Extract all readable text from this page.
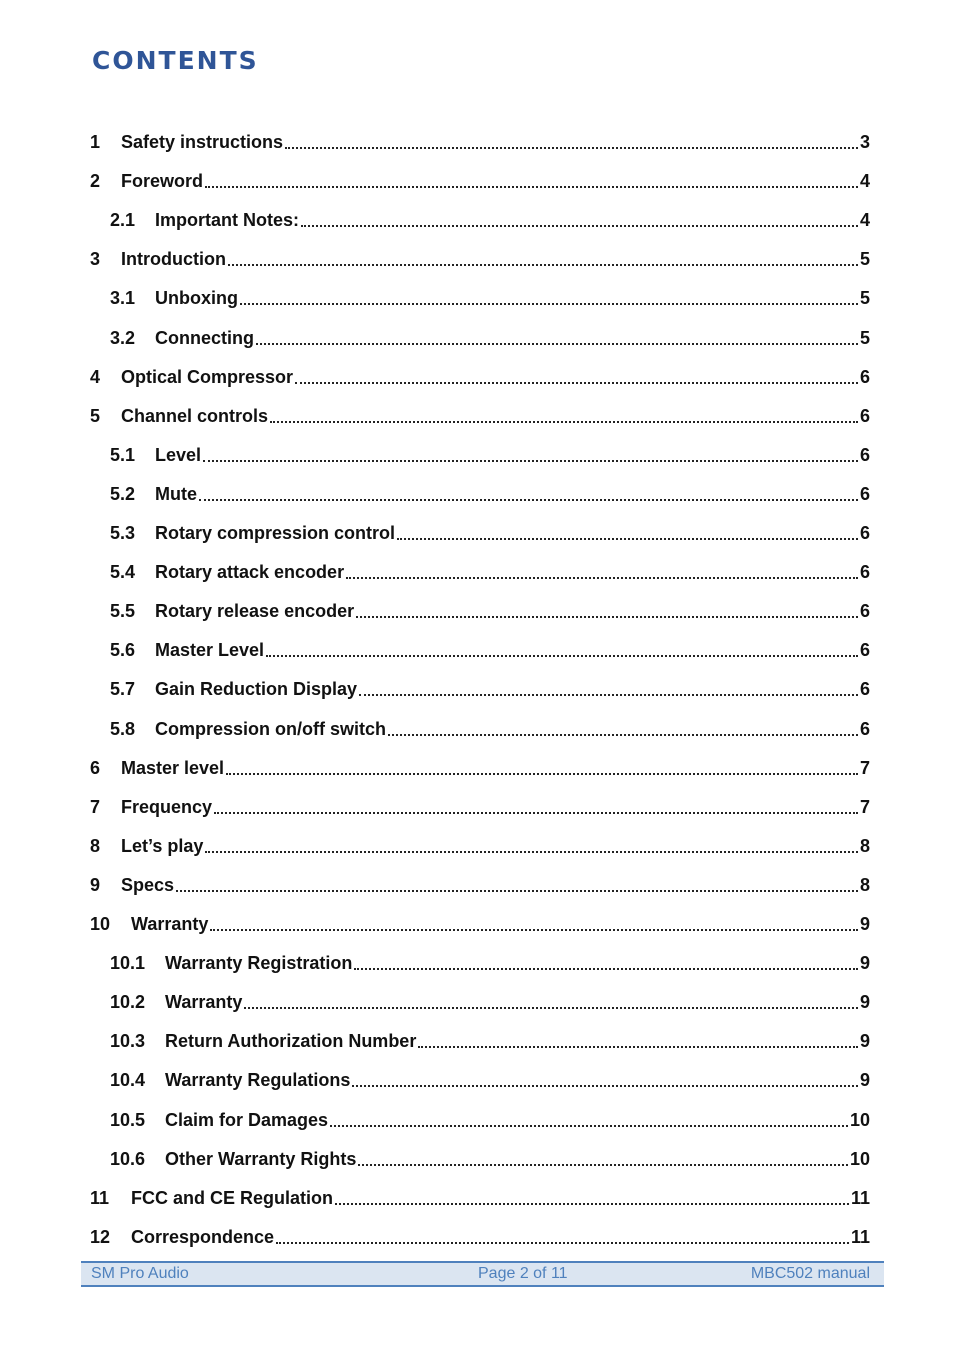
CONTENTS
1	Safety instructions	3
2	Foreword	4
2.1	Important Notes:	4
3	Introduction	5
3.1	Unboxing	5
3.2	Connecting	5
4	Optical Compressor	6
5	Channel controls	6
5.1	Level	6
5.2	Mute	6
5.3	Rotary compression control	6
5.4	Rotary attack encoder	6
5.5	Rotary release encoder	6
5.6	Master Level	6
5.7	Gain Reduction Display	6
5.8	Compression on/off switch	6
6	Master level	7
7	Frequency	7
8	Let’s play	8
9	Specs	8
10	Warranty	9
10.1	Warranty Registration	9
10.2	Warranty	9
10.3	Return Authorization Number	9
10.4	Warranty Regulations	9
10.5	Claim for Damages	10
10.6	Other Warranty Rights	10
11	FCC and CE Regulation	11
12	Correspondence	11
SM Pro Audio	Page 2 of 11	MBC502 manual
